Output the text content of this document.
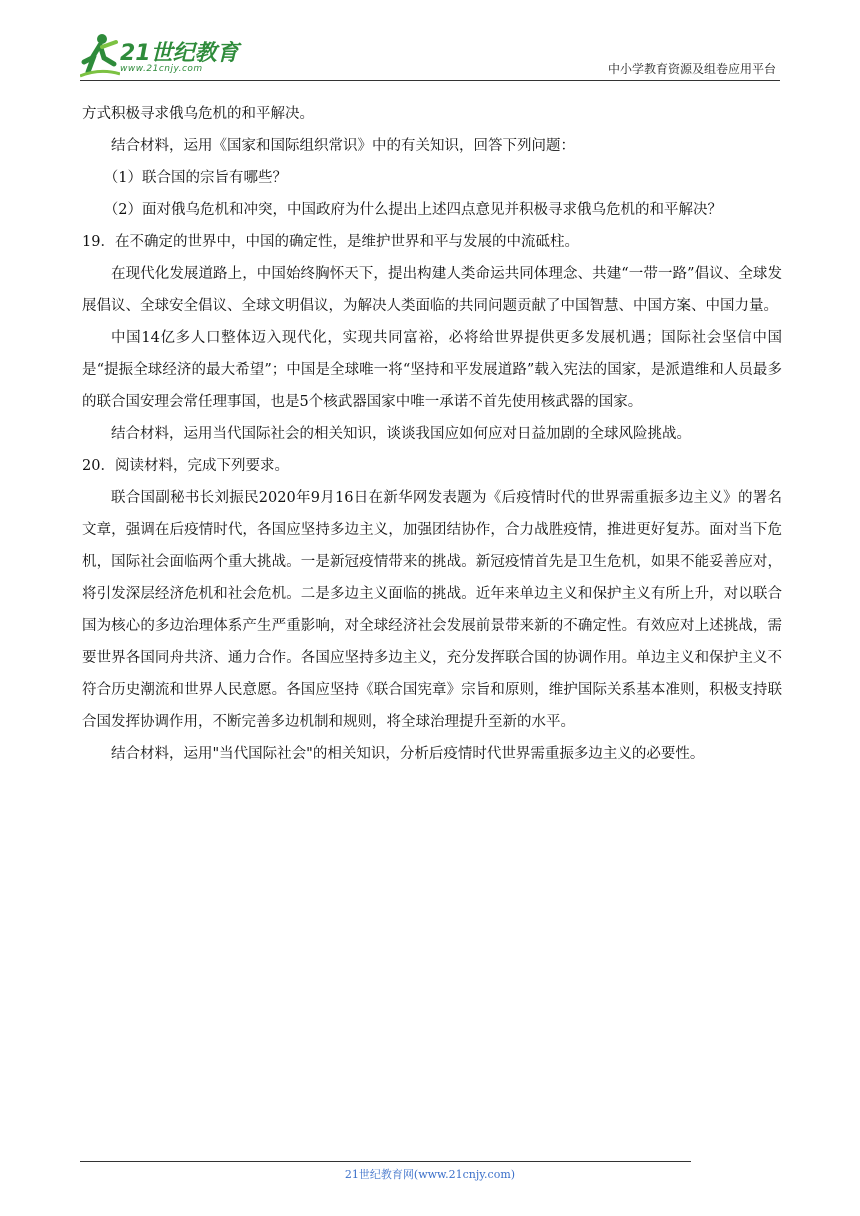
21世纪教育
www.21cnjy.com	中小学教育资源及组卷应用平台

方式积极寻求俄乌危机的和平解决。

结合材料，运用《国家和国际组织常识》中的有关知识，回答下列问题：

（1）联合国的宗旨有哪些？

（2）面对俄乌危机和冲突，中国政府为什么提出上述四点意见并积极寻求俄乌危机的和平解决？

19．在不确定的世界中，中国的确定性，是维护世界和平与发展的中流砥柱。

在现代化发展道路上，中国始终胸怀天下，提出构建人类命运共同体理念、共建“一带一路”倡议、全球发展倡议、全球安全倡议、全球文明倡议，为解决人类面临的共同问题贡献了中国智慧、中国方案、中国力量。

中国14亿多人口整体迈入现代化，实现共同富裕，必将给世界提供更多发展机遇；国际社会坚信中国是“提振全球经济的最大希望”；中国是全球唯一将“坚持和平发展道路”载入宪法的国家，是派遣维和人员最多的联合国安理会常任理事国，也是5个核武器国家中唯一承诺不首先使用核武器的国家。

结合材料，运用当代国际社会的相关知识，谈谈我国应如何应对日益加剧的全球风险挑战。

20．阅读材料，完成下列要求。

联合国副秘书长刘振民2020年9月16日在新华网发表题为《后疫情时代的世界需重振多边主义》的署名文章，强调在后疫情时代，各国应坚持多边主义，加强团结协作，合力战胜疫情，推进更好复苏。面对当下危机，国际社会面临两个重大挑战。一是新冠疫情带来的挑战。新冠疫情首先是卫生危机，如果不能妥善应对，将引发深层经济危机和社会危机。二是多边主义面临的挑战。近年来单边主义和保护主义有所上升，对以联合国为核心的多边治理体系产生严重影响，对全球经济社会发展前景带来新的不确定性。有效应对上述挑战，需要世界各国同舟共济、通力合作。各国应坚持多边主义，充分发挥联合国的协调作用。单边主义和保护主义不符合历史潮流和世界人民意愿。各国应坚持《联合国宪章》宗旨和原则，维护国际关系基本准则，积极支持联合国发挥协调作用，不断完善多边机制和规则，将全球治理提升至新的水平。

结合材料，运用"当代国际社会"的相关知识，分析后疫情时代世界需重振多边主义的必要性。

21世纪教育网(www.21cnjy.com)
